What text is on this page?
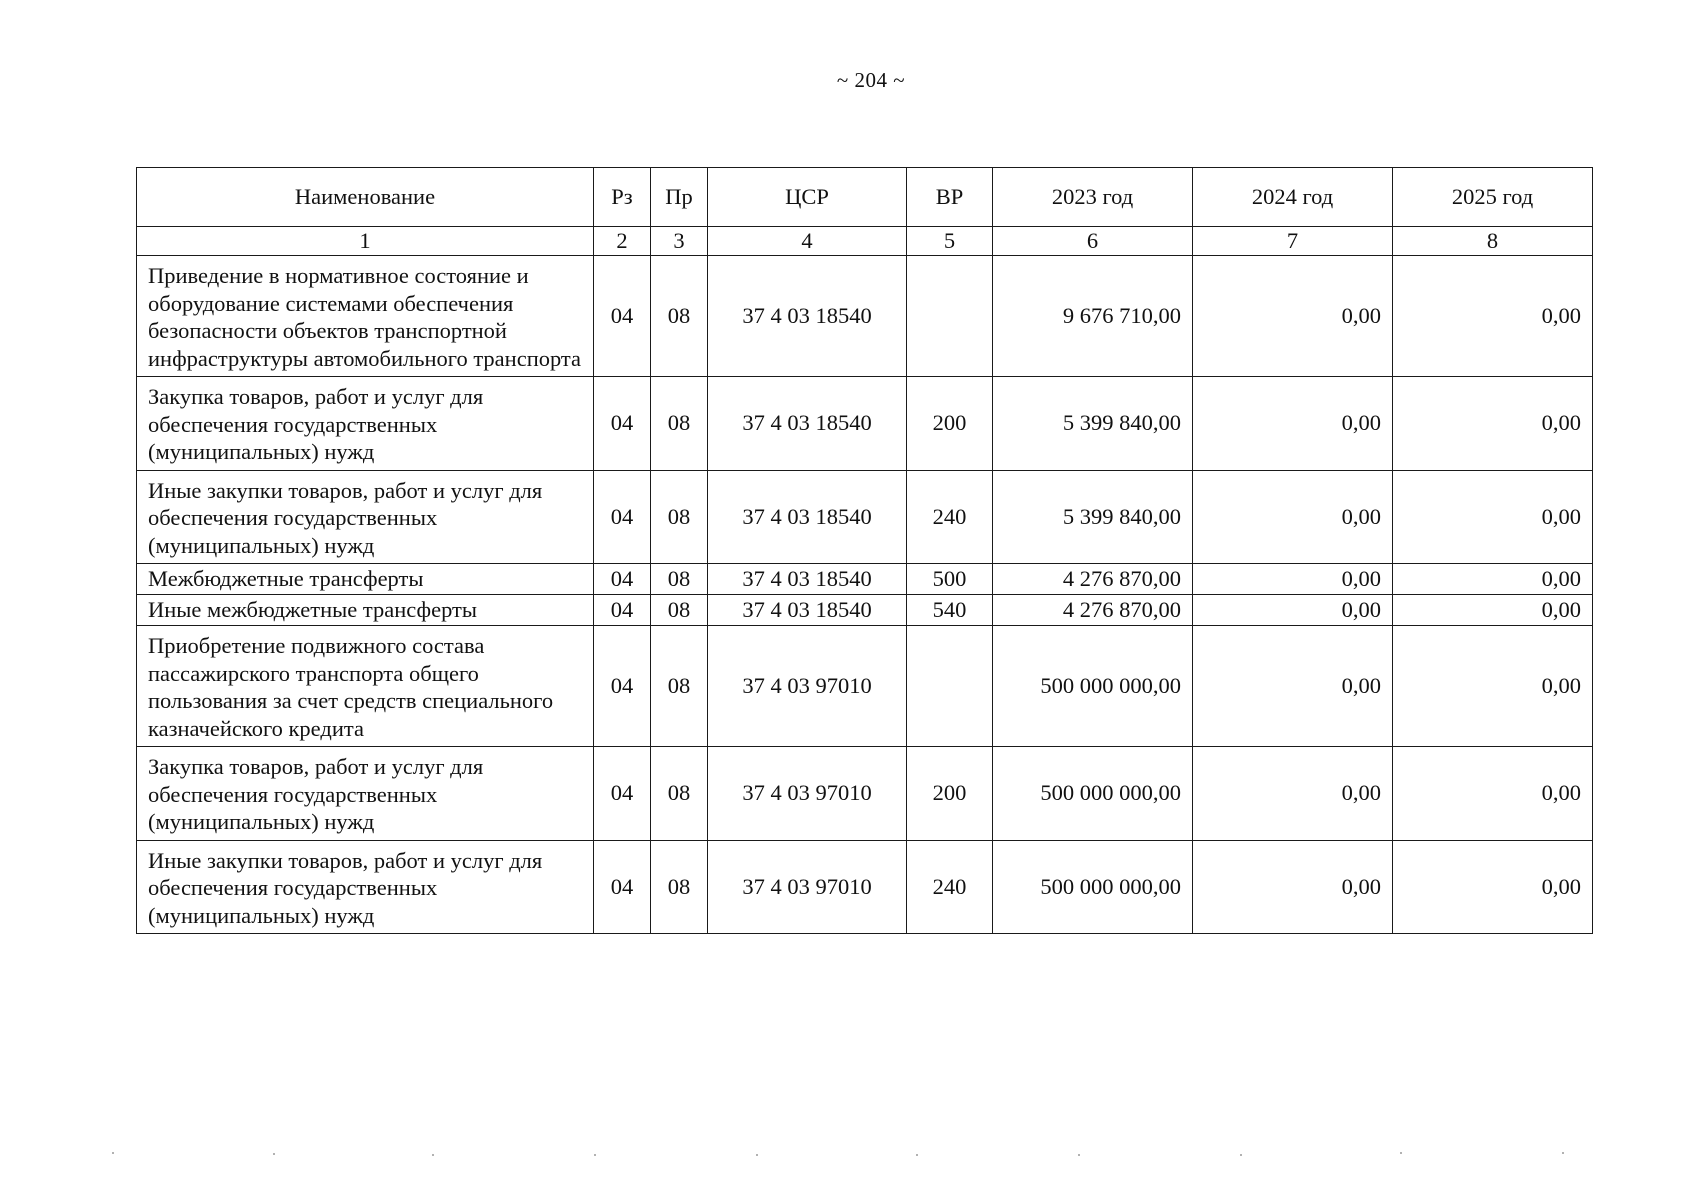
~ 204 ~
Наименование	Рз	Пр	ЦСР	ВР	2023 год	2024 год	2025 год
1	2	3	4	5	6	7	8
Приведение в нормативное состояние и оборудование системами обеспечения безопасности объектов транспортной инфраструктуры автомобильного транспорта	04	08	37 4 03 18540		9 676 710,00	0,00	0,00
Закупка товаров, работ и услуг для обеспечения государственных (муниципальных) нужд	04	08	37 4 03 18540	200	5 399 840,00	0,00	0,00
Иные закупки товаров, работ и услуг для обеспечения государственных (муниципальных) нужд	04	08	37 4 03 18540	240	5 399 840,00	0,00	0,00
Межбюджетные трансферты	04	08	37 4 03 18540	500	4 276 870,00	0,00	0,00
Иные межбюджетные трансферты	04	08	37 4 03 18540	540	4 276 870,00	0,00	0,00
Приобретение подвижного состава пассажирского транспорта общего пользования за счет средств специального казначейского кредита	04	08	37 4 03 97010		500 000 000,00	0,00	0,00
Закупка товаров, работ и услуг для обеспечения государственных (муниципальных) нужд	04	08	37 4 03 97010	200	500 000 000,00	0,00	0,00
Иные закупки товаров, работ и услуг для обеспечения государственных (муниципальных) нужд	04	08	37 4 03 97010	240	500 000 000,00	0,00	0,00
